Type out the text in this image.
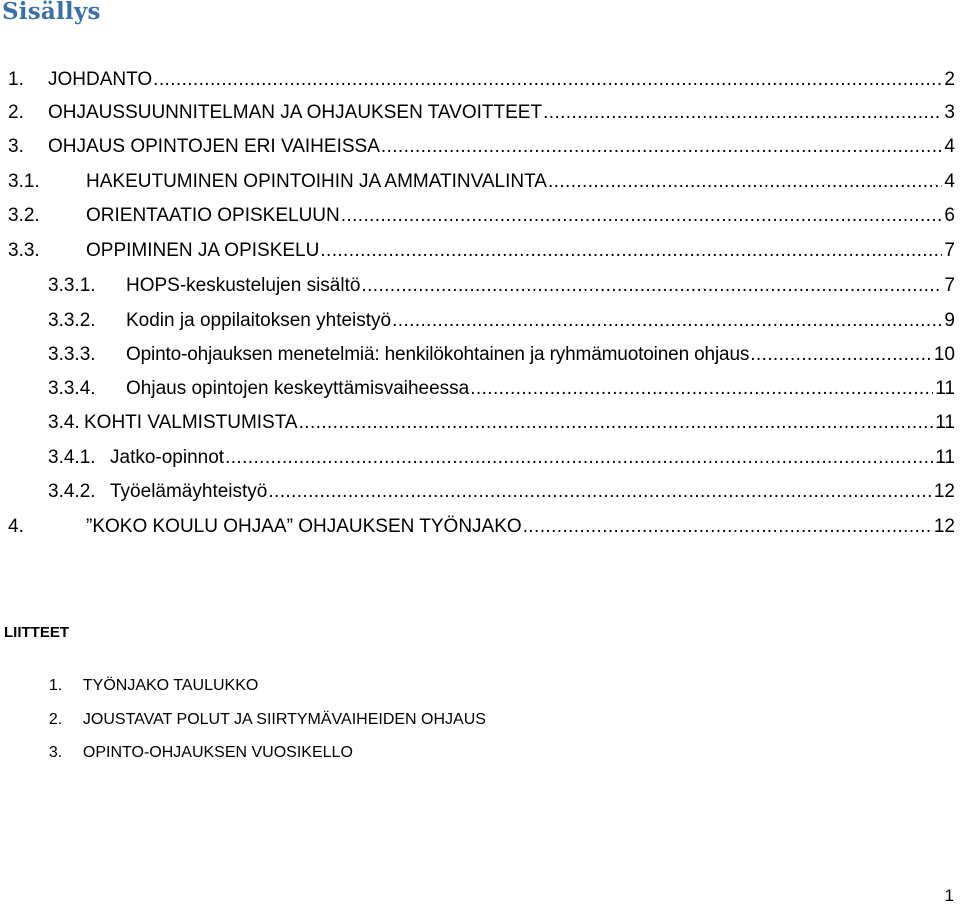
Sisällys
1.	JOHDANTO .....	2
2.	OHJAUSSUUNNITELMAN JA OHJAUKSEN TAVOITTEET .....	3
3.	OHJAUS OPINTOJEN ERI VAIHEISSA .....	4
3.1.	HAKEUTUMINEN OPINTOIHIN JA AMMATINVALINTA .....	4
3.2.	ORIENTAATIO OPISKELUUN .....	6
3.3.	OPPIMINEN JA OPISKELU .....	7
3.3.1.	HOPS-keskustelujen sisältö .....	7
3.3.2.	Kodin ja oppilaitoksen yhteistyö .....	9
3.3.3.	Opinto-ohjauksen menetelmiä: henkilökohtainen ja ryhmämuotoinen ohjaus .....	10
3.3.4.	Ohjaus opintojen keskeyttämisvaiheessa .....	11
3.4. KOHTI VALMISTUMISTA .....	11
3.4.1. Jatko-opinnot .....	11
3.4.2. Työelämäyhteistyö .....	12
4.	”KOKO KOULU OHJAA” OHJAUKSEN TYÖNJAKO .....	12
LIITTEET

1. TYÖNJAKO TAULUKKO

2. JOUSTAVAT POLUT JA SIIRTYMÄVAIHEIDEN OHJAUS

3. OPINTO-OHJAUKSEN VUOSIKELLO

1
